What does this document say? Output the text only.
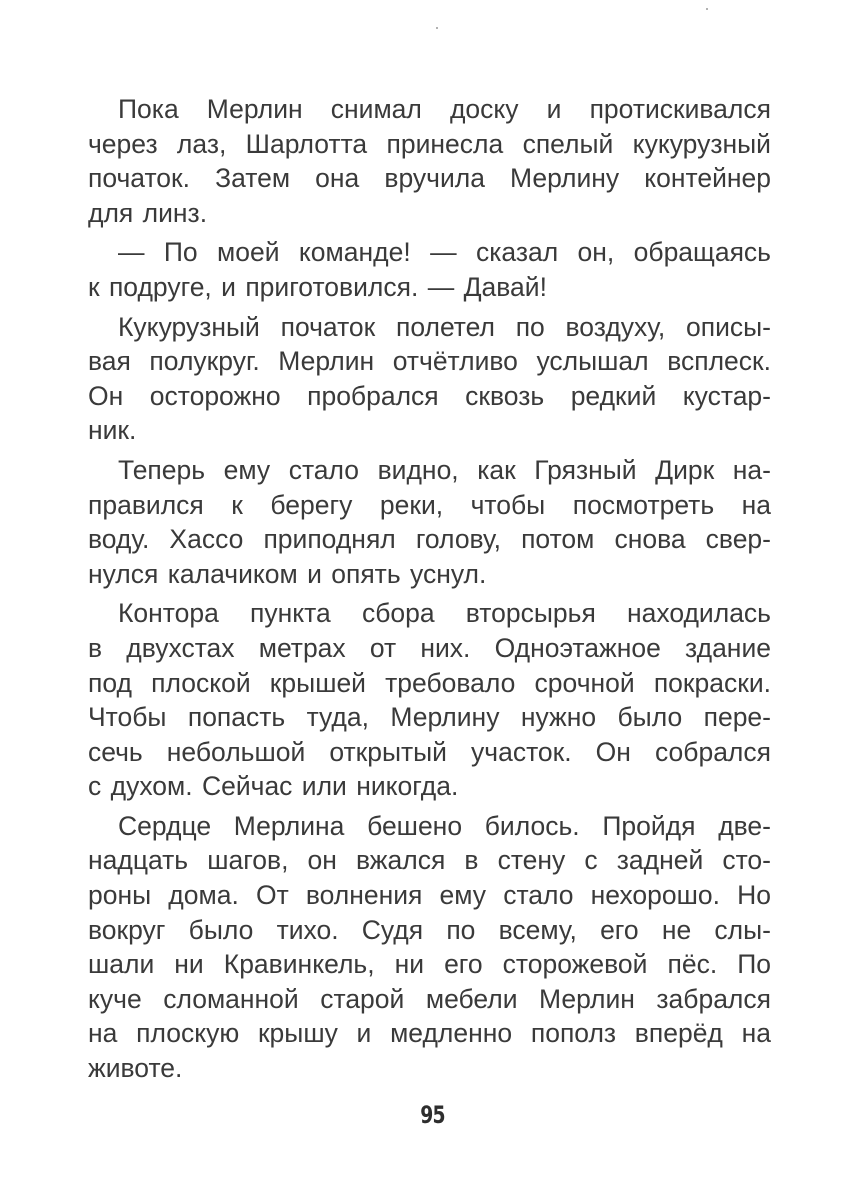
Пока Мерлин снимал доску и протискивался
через лаз, Шарлотта принесла спелый кукурузный
початок. Затем она вручила Мерлину контейнер
для линз.
— По моей команде! — сказал он, обращаясь
к подруге, и приготовился. — Давай!
Кукурузный початок полетел по воздуху, описы-
вая полукруг. Мерлин отчётливо услышал всплеск.
Он осторожно пробрался сквозь редкий кустар-
ник.
Теперь ему стало видно, как Грязный Дирк на-
правился к берегу реки, чтобы посмотреть на
воду. Хассо приподнял голову, потом снова свер-
нулся калачиком и опять уснул.
Контора пункта сбора вторсырья находилась
в двухстах метрах от них. Одноэтажное здание
под плоской крышей требовало срочной покраски.
Чтобы попасть туда, Мерлину нужно было пере-
сечь небольшой открытый участок. Он собрался
с духом. Сейчас или никогда.
Сердце Мерлина бешено билось. Пройдя две-
надцать шагов, он вжался в стену с задней сто-
роны дома. От волнения ему стало нехорошо. Но
вокруг было тихо. Судя по всему, его не слы-
шали ни Кравинкель, ни его сторожевой пёс. По
куче сломанной старой мебели Мерлин забрался
на плоскую крышу и медленно пополз вперёд на
животе.
95
